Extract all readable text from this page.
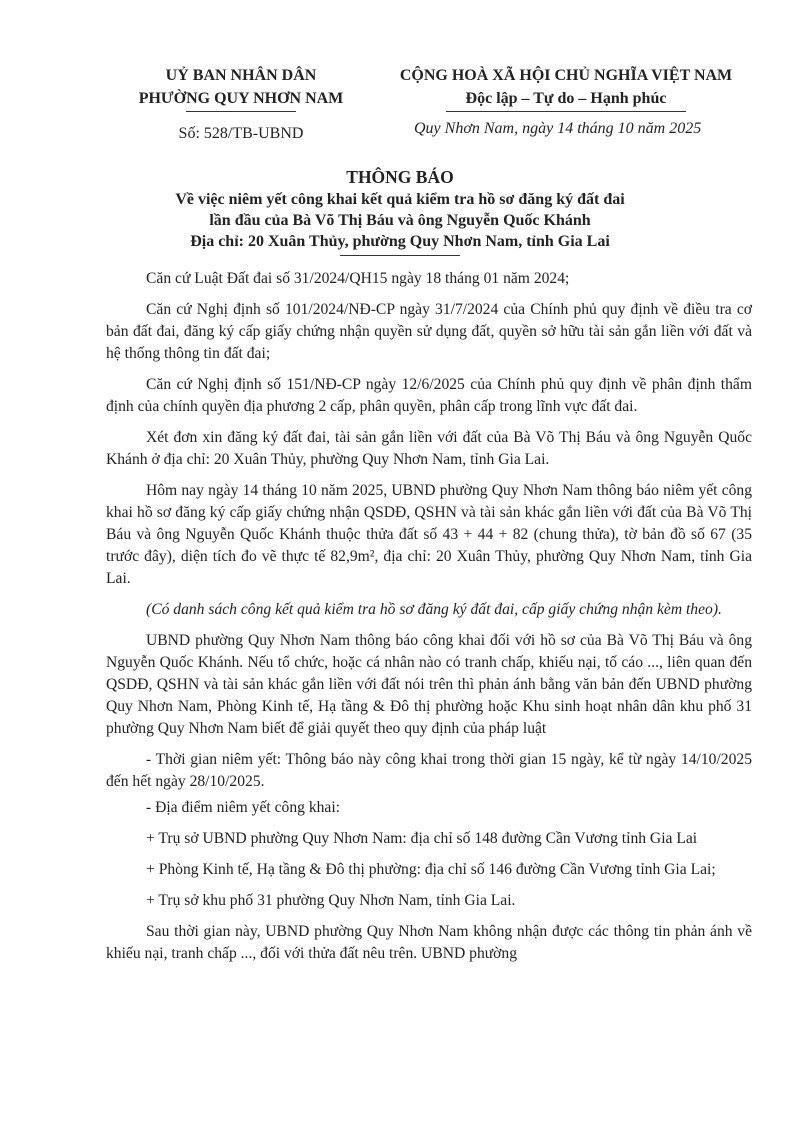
UỶ BAN NHÂN DÂN
PHƯỜNG QUY NHƠN NAM
Số: 528/TB-UBND
CỘNG HOÀ XÃ HỘI CHỦ NGHĨA VIỆT NAM
Độc lập – Tự do – Hạnh phúc
Quy Nhơn Nam, ngày 14 tháng 10 năm 2025
THÔNG BÁO
Về việc niêm yết công khai kết quả kiểm tra hồ sơ đăng ký đất đai
lần đầu của Bà Võ Thị Báu và ông Nguyễn Quốc Khánh
Địa chỉ: 20 Xuân Thủy, phường Quy Nhơn Nam, tỉnh Gia Lai

Căn cứ Luật Đất đai số 31/2024/QH15 ngày 18 tháng 01 năm 2024;

Căn cứ Nghị định số 101/2024/NĐ-CP ngày 31/7/2024 của Chính phủ quy định về điều tra cơ bản đất đai, đăng ký cấp giấy chứng nhận quyền sử dụng đất, quyền sở hữu tài sản gắn liền với đất và hệ thống thông tin đất đai;

Căn cứ Nghị định số 151/NĐ-CP ngày 12/6/2025 của Chính phủ quy định về phân định thẩm định của chính quyền địa phương 2 cấp, phân quyền, phân cấp trong lĩnh vực đất đai.

Xét đơn xin đăng ký đất đai, tài sản gắn liền với đất của Bà Võ Thị Báu và ông Nguyễn Quốc Khánh ở địa chỉ: 20 Xuân Thủy, phường Quy Nhơn Nam, tỉnh Gia Lai.

Hôm nay ngày 14 tháng 10 năm 2025, UBND phường Quy Nhơn Nam thông báo niêm yết công khai hồ sơ đăng ký cấp giấy chứng nhận QSDĐ, QSHN và tài sản khác gắn liền với đất của Bà Võ Thị Báu và ông Nguyễn Quốc Khánh thuộc thửa đất số 43 + 44 + 82 (chung thửa), tờ bản đồ số 67 (35 trước đây), diện tích đo vẽ thực tế 82,9m², địa chỉ: 20 Xuân Thủy, phường Quy Nhơn Nam, tỉnh Gia Lai.

(Có danh sách công kết quả kiểm tra hồ sơ đăng ký đất đai, cấp giấy chứng nhận kèm theo).

UBND phường Quy Nhơn Nam thông báo công khai đối với hồ sơ của Bà Võ Thị Báu và ông Nguyễn Quốc Khánh. Nếu tổ chức, hoặc cá nhân nào có tranh chấp, khiếu nại, tố cáo ..., liên quan đến QSDĐ, QSHN và tài sản khác gắn liền với đất nói trên thì phản ánh bằng văn bản đến UBND phường Quy Nhơn Nam, Phòng Kinh tế, Hạ tầng & Đô thị phường hoặc Khu sinh hoạt nhân dân khu phố 31 phường Quy Nhơn Nam biết để giải quyết theo quy định của pháp luật

- Thời gian niêm yết: Thông báo này công khai trong thời gian 15 ngày, kể từ ngày 14/10/2025 đến hết ngày 28/10/2025.

- Địa điểm niêm yết công khai:

+ Trụ sở UBND phường Quy Nhơn Nam: địa chỉ số 148 đường Cần Vương tỉnh Gia Lai

+ Phòng Kinh tế, Hạ tầng & Đô thị phường: địa chỉ số 146 đường Cần Vương tỉnh Gia Lai;

+ Trụ sở khu phố 31 phường Quy Nhơn Nam, tỉnh Gia Lai.

Sau thời gian này, UBND phường Quy Nhơn Nam không nhận được các thông tin phản ánh về khiếu nại, tranh chấp ..., đối với thửa đất nêu trên. UBND phường
